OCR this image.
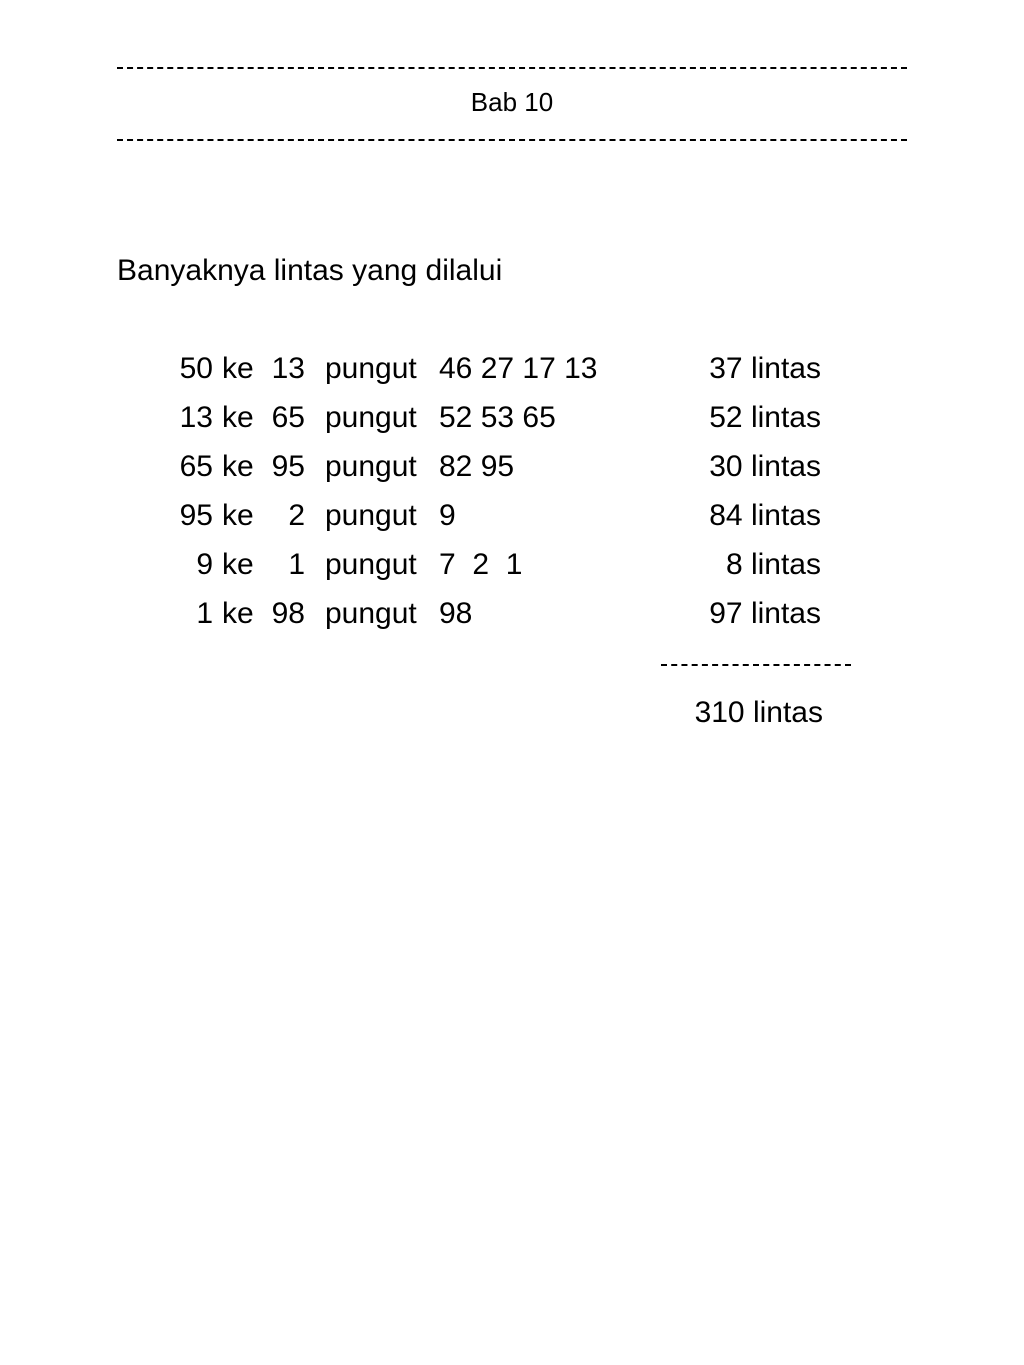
Bab 10
Banyaknya lintas yang dilalui
50 ke 13 pungut 46 27 17 13	37 lintas
13 ke 65 pungut 52 53 65	52 lintas
65 ke 95 pungut 82 95	30 lintas
95 ke 2 pungut 9	84 lintas
9 ke 1 pungut 7  2  1	8 lintas
1 ke 98 pungut 98	97 lintas
310 lintas
